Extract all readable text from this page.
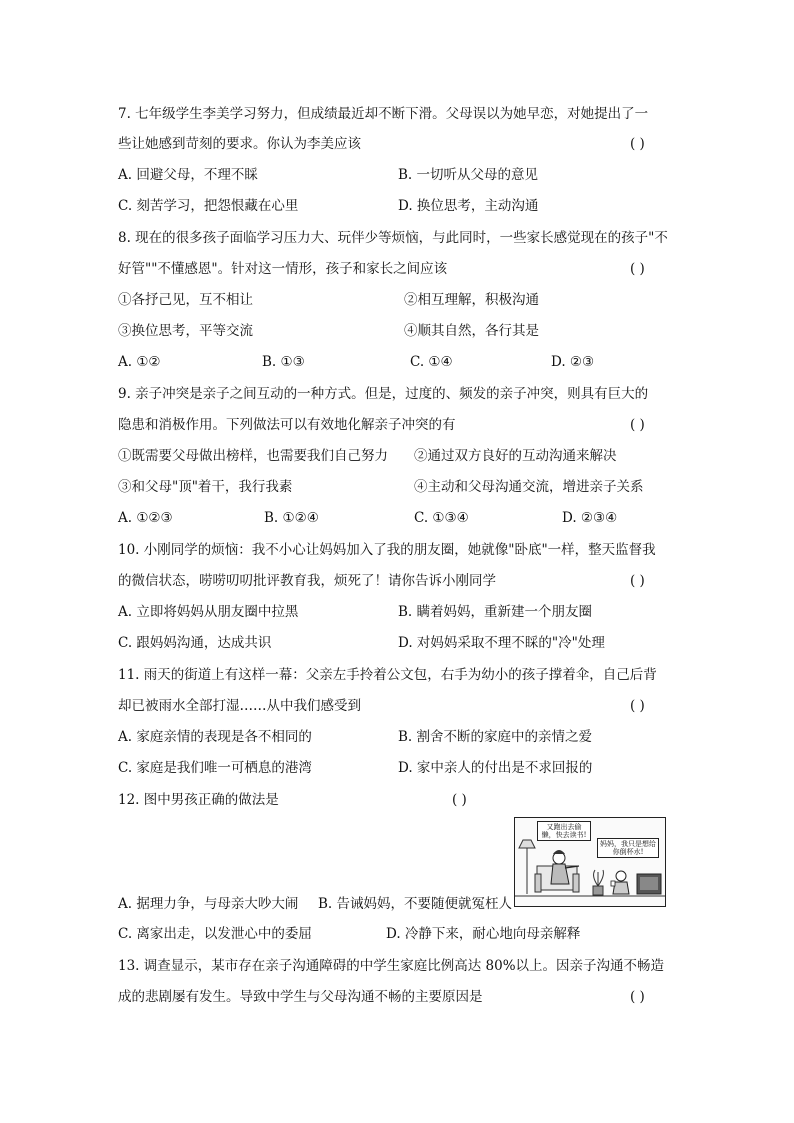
7. 七年级学生李美学习努力，但成绩最近却不断下滑。父母误以为她早恋，对她提出了一
些让她感到苛刻的要求。你认为李美应该	( )
A. 回避父母，不理不睬	B. 一切听从父母的意见
C. 刻苦学习，把怨恨藏在心里	D. 换位思考，主动沟通
8. 现在的很多孩子面临学习压力大、玩伴少等烦恼，与此同时，一些家长感觉现在的孩子"不
好管""不懂感恩"。针对这一情形，孩子和家长之间应该	( )
①各抒己见，互不相让	②相互理解，积极沟通
③换位思考，平等交流	④顺其自然，各行其是
A. ①②	B. ①③	C. ①④	D. ②③
9. 亲子冲突是亲子之间互动的一种方式。但是，过度的、频发的亲子冲突，则具有巨大的
隐患和消极作用。下列做法可以有效地化解亲子冲突的有	( )
①既需要父母做出榜样，也需要我们自己努力 ②通过双方良好的互动沟通来解决
③和父母"顶"着干，我行我素	④主动和父母沟通交流，增进亲子关系
A. ①②③	B. ①②④	C. ①③④	D. ②③④
10. 小刚同学的烦恼：我不小心让妈妈加入了我的朋友圈，她就像"卧底"一样，整天监督我
的微信状态，唠唠叨叨批评教育我，烦死了！请你告诉小刚同学	( )
A. 立即将妈妈从朋友圈中拉黑	B. 瞒着妈妈，重新建一个朋友圈
C. 跟妈妈沟通，达成共识	D. 对妈妈采取不理不睬的"冷"处理
11. 雨天的街道上有这样一幕：父亲左手拎着公文包，右手为幼小的孩子撑着伞，自己后背
却已被雨水全部打湿……从中我们感受到	( )
A. 家庭亲情的表现是各不相同的	B. 割舍不断的家庭中的亲情之爱
C. 家庭是我们唯一可栖息的港湾	D. 家中亲人的付出是不求回报的
12. 图中男孩正确的做法是	( )
又跑出去偷懒，快去读书!
妈妈，我只是想给你倒杯水!
A. 据理力争，与母亲大吵大闹 B. 告诫妈妈，不要随便就冤枉人
C. 离家出走，以发泄心中的委屈	D. 冷静下来，耐心地向母亲解释
13. 调查显示，某市存在亲子沟通障碍的中学生家庭比例高达 80%以上。因亲子沟通不畅造
成的悲剧屡有发生。导致中学生与父母沟通不畅的主要原因是	( )
